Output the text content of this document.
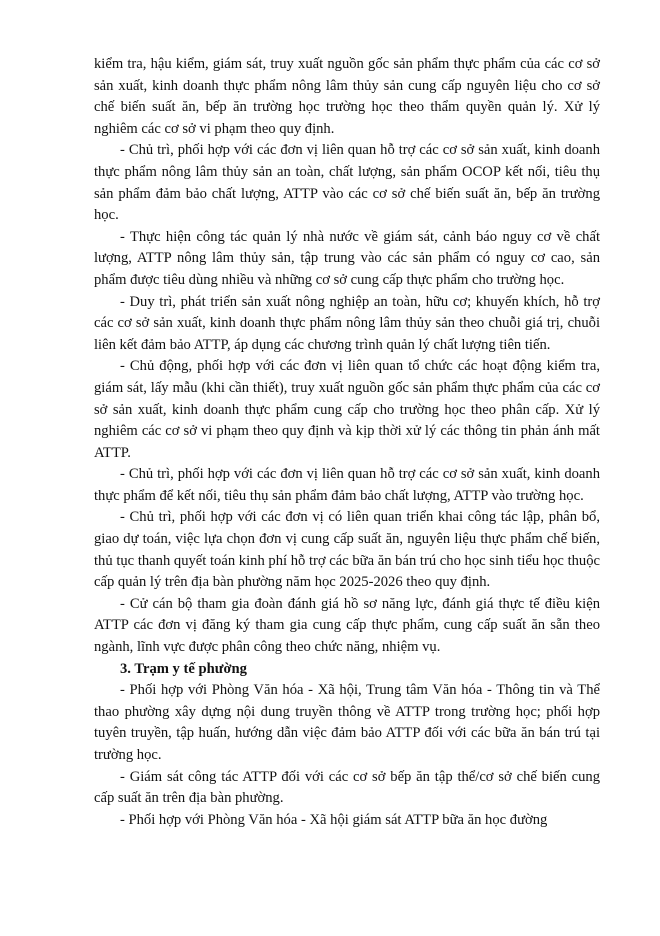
kiểm tra, hậu kiểm, giám sát, truy xuất nguồn gốc sản phẩm thực phẩm của các cơ sở sản xuất, kinh doanh thực phẩm nông lâm thủy sản cung cấp nguyên liệu cho cơ sở chế biến suất ăn, bếp ăn trường học trường học theo thẩm quyền quản lý. Xử lý nghiêm các cơ sở vi phạm theo quy định.

- Chủ trì, phối hợp với các đơn vị liên quan hỗ trợ các cơ sở sản xuất, kinh doanh thực phẩm nông lâm thủy sản an toàn, chất lượng, sản phẩm OCOP kết nối, tiêu thụ sản phẩm đảm bảo chất lượng, ATTP vào các cơ sở chế biến suất ăn, bếp ăn trường học.

- Thực hiện công tác quản lý nhà nước về giám sát, cảnh báo nguy cơ về chất lượng, ATTP nông lâm thủy sản, tập trung vào các sản phẩm có nguy cơ cao, sản phẩm được tiêu dùng nhiều và những cơ sở cung cấp thực phẩm cho trường học.

- Duy trì, phát triển sản xuất nông nghiệp an toàn, hữu cơ; khuyến khích, hỗ trợ các cơ sở sản xuất, kinh doanh thực phẩm nông lâm thủy sản theo chuỗi giá trị, chuỗi liên kết đảm bảo ATTP, áp dụng các chương trình quản lý chất lượng tiên tiến.

- Chủ động, phối hợp với các đơn vị liên quan tổ chức các hoạt động kiểm tra, giám sát, lấy mẫu (khi cần thiết), truy xuất nguồn gốc sản phẩm thực phẩm của các cơ sở sản xuất, kinh doanh thực phẩm cung cấp cho trường học theo phân cấp. Xử lý nghiêm các cơ sở vi phạm theo quy định và kịp thời xử lý các thông tin phản ánh mất ATTP.

- Chủ trì, phối hợp với các đơn vị liên quan hỗ trợ các cơ sở sản xuất, kinh doanh thực phẩm để kết nối, tiêu thụ sản phẩm đảm bảo chất lượng, ATTP vào trường học.

- Chủ trì, phối hợp với các đơn vị có liên quan triển khai công tác lập, phân bổ, giao dự toán, việc lựa chọn đơn vị cung cấp suất ăn, nguyên liệu thực phẩm chế biến, thủ tục thanh quyết toán kinh phí hỗ trợ các bữa ăn bán trú cho học sinh tiểu học thuộc cấp quản lý trên địa bàn phường năm học 2025-2026 theo quy định.

- Cử cán bộ tham gia đoàn đánh giá hồ sơ năng lực, đánh giá thực tế điều kiện ATTP các đơn vị đăng ký tham gia cung cấp thực phẩm, cung cấp suất ăn sẵn theo ngành, lĩnh vực được phân công theo chức năng, nhiệm vụ.

3. Trạm y tế phường

- Phối hợp với Phòng Văn hóa - Xã hội, Trung tâm Văn hóa - Thông tin và Thể thao phường xây dựng nội dung truyền thông về ATTP trong trường học; phối hợp tuyên truyền, tập huấn, hướng dẫn việc đảm bảo ATTP đối với các bữa ăn bán trú tại trường học.

- Giám sát công tác ATTP đối với các cơ sở bếp ăn tập thể/cơ sở chế biến cung cấp suất ăn trên địa bàn phường.

- Phối hợp với Phòng Văn hóa - Xã hội giám sát ATTP bữa ăn học đường
